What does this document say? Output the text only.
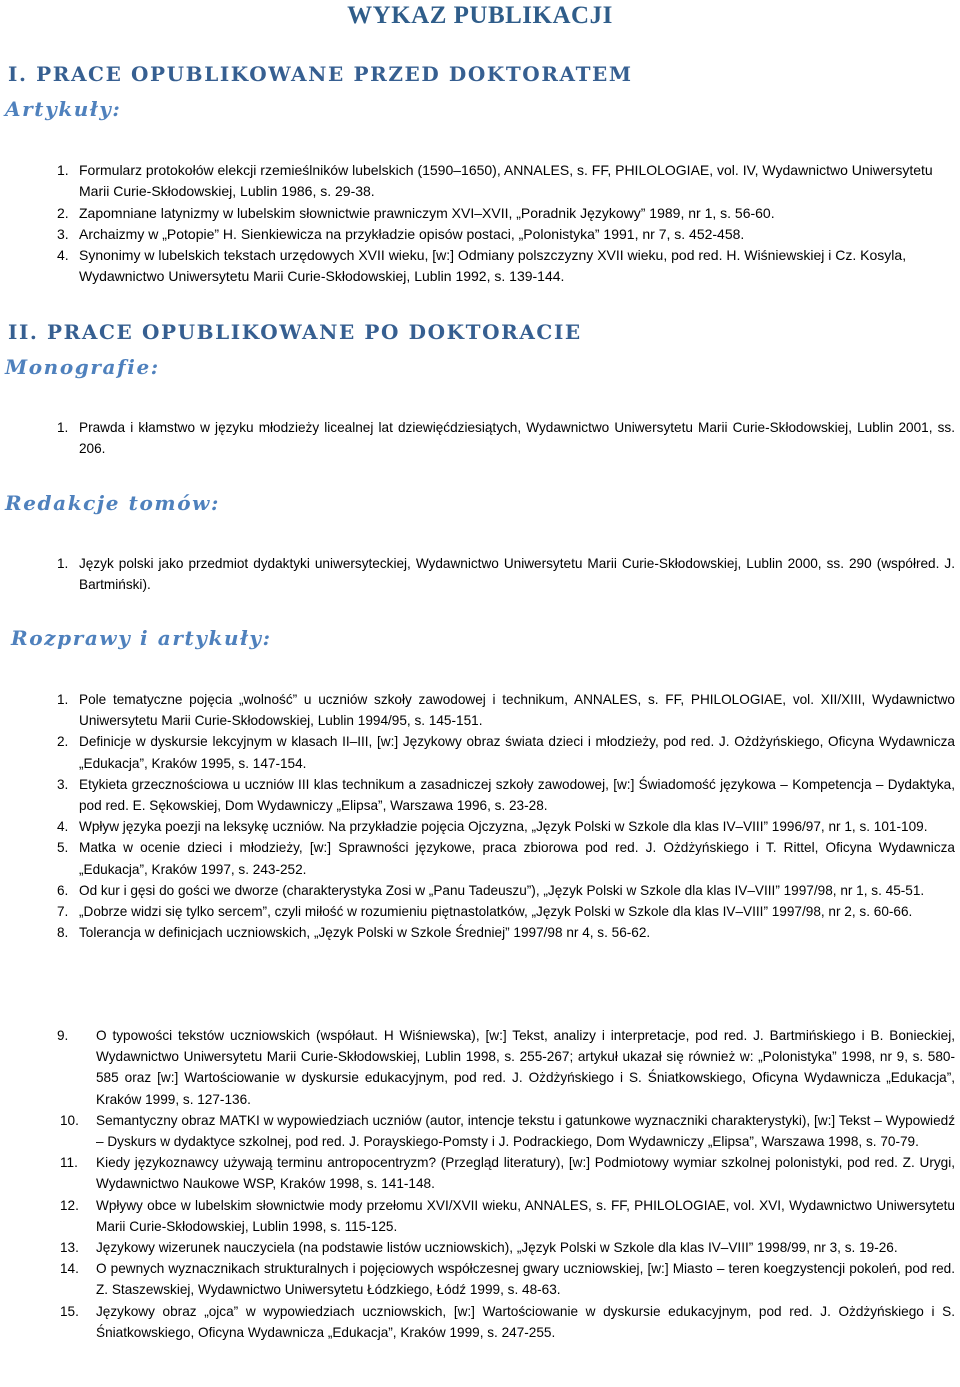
WYKAZ PUBLIKACJI
I. PRACE OPUBLIKOWANE PRZED DOKTORATEM
Artykuły:
1. Formularz protokołów elekcji rzemieślników lubelskich (1590–1650), ANNALES, s. FF, PHILOLOGIAE, vol. IV, Wydawnictwo Uniwersytetu Marii Curie-Skłodowskiej, Lublin 1986, s. 29-38.
2. Zapomniane latynizmy w lubelskim słownictwie prawniczym XVI–XVII, „Poradnik Językowy” 1989, nr 1, s. 56-60.
3. Archaizmy w „Potopie” H. Sienkiewicza na przykładzie opisów postaci, „Polonistyka” 1991, nr 7, s. 452-458.
4. Synonimy w lubelskich tekstach urzędowych XVII wieku, [w:] Odmiany polszczyzny XVII wieku, pod red. H. Wiśniewskiej i Cz. Kosyla, Wydawnictwo Uniwersytetu Marii Curie-Skłodowskiej, Lublin 1992, s. 139-144.
II. PRACE OPUBLIKOWANE PO DOKTORACIE
Monografie:
1. Prawda i kłamstwo w języku młodzieży licealnej lat dziewięćdziesiątych, Wydawnictwo Uniwersytetu Marii Curie-Skłodowskiej, Lublin 2001, ss. 206.
Redakcje tomów:
1. Język polski jako przedmiot dydaktyki uniwersyteckiej, Wydawnictwo Uniwersytetu Marii Curie-Skłodowskiej, Lublin 2000, ss. 290 (współred. J. Bartmiński).
Rozprawy i artykuły:
1. Pole tematyczne pojęcia „wolność” u uczniów szkoły zawodowej i technikum, ANNALES, s. FF, PHILOLOGIAE, vol. XII/XIII, Wydawnictwo Uniwersytetu Marii Curie-Skłodowskiej, Lublin 1994/95, s. 145-151.
2. Definicje w dyskursie lekcyjnym w klasach II–III, [w:] Językowy obraz świata dzieci i młodzieży, pod red. J. Ożdżyńskiego, Oficyna Wydawnicza „Edukacja”, Kraków 1995, s. 147-154.
3. Etykieta grzecznościowa u uczniów III klas technikum a zasadniczej szkoły zawodowej, [w:] Świadomość językowa – Kompetencja – Dydaktyka, pod red. E. Sękowskiej, Dom Wydawniczy „Elipsa”, Warszawa 1996, s. 23-28.
4. Wpływ języka poezji na leksykę uczniów. Na przykładzie pojęcia Ojczyzna, „Język Polski w Szkole dla klas IV–VIII” 1996/97, nr 1, s. 101-109.
5. Matka w ocenie dzieci i młodzieży, [w:] Sprawności językowe, praca zbiorowa pod red. J. Ożdżyńskiego i T. Rittel, Oficyna Wydawnicza „Edukacja”, Kraków 1997, s. 243-252.
6. Od kur i gęsi do gości we dworze (charakterystyka Zosi w „Panu Tadeuszu”), „Język Polski w Szkole dla klas IV–VIII” 1997/98, nr 1, s. 45-51.
7. „Dobrze widzi się tylko sercem”, czyli miłość w rozumieniu piętnastolatków, „Język Polski w Szkole dla klas IV–VIII” 1997/98, nr 2, s. 60-66.
8. Tolerancja w definicjach uczniowskich, „Język Polski w Szkole Średniej” 1997/98 nr 4, s. 56-62.
9. O typowości tekstów uczniowskich (współaut. H Wiśniewska), [w:] Tekst, analizy i interpretacje, pod red. J. Bartmińskiego i B. Bonieckiej, Wydawnictwo Uniwersytetu Marii Curie-Skłodowskiej, Lublin 1998, s. 255-267; artykuł ukazał się również w: „Polonistyka” 1998, nr 9, s. 580-585 oraz [w:] Wartościowanie w dyskursie edukacyjnym, pod red. J. Ożdżyńskiego i S. Śniatkowskiego, Oficyna Wydawnicza „Edukacja”, Kraków 1999, s. 127-136.
10. Semantyczny obraz MATKI w wypowiedziach uczniów (autor, intencje tekstu i gatunkowe wyznaczniki charakterystyki), [w:] Tekst – Wypowiedź – Dyskurs w dydaktyce szkolnej, pod red. J. Porayskiego-Pomsty i J. Podrackiego, Dom Wydawniczy „Elipsa”, Warszawa 1998, s. 70-79.
11. Kiedy językoznawcy używają terminu antropocentryzm? (Przegląd literatury), [w:] Podmiotowy wymiar szkolnej polonistyki, pod red. Z. Urygi, Wydawnictwo Naukowe WSP, Kraków 1998, s. 141-148.
12. Wpływy obce w lubelskim słownictwie mody przełomu XVI/XVII wieku, ANNALES, s. FF, PHILOLOGIAE, vol. XVI, Wydawnictwo Uniwersytetu Marii Curie-Skłodowskiej, Lublin 1998, s. 115-125.
13. Językowy wizerunek nauczyciela (na podstawie listów uczniowskich), „Język Polski w Szkole dla klas IV–VIII” 1998/99, nr 3, s. 19-26.
14. O pewnych wyznacznikach strukturalnych i pojęciowych współczesnej gwary uczniowskiej, [w:] Miasto – teren koegzystencji pokoleń, pod red. Z. Staszewskiej, Wydawnictwo Uniwersytetu Łódzkiego, Łódź 1999, s. 48-63.
15. Językowy obraz „ojca” w wypowiedziach uczniowskich, [w:] Wartościowanie w dyskursie edukacyjnym, pod red. J. Ożdżyńskiego i S. Śniatkowskiego, Oficyna Wydawnicza „Edukacja”, Kraków 1999, s. 247-255.
